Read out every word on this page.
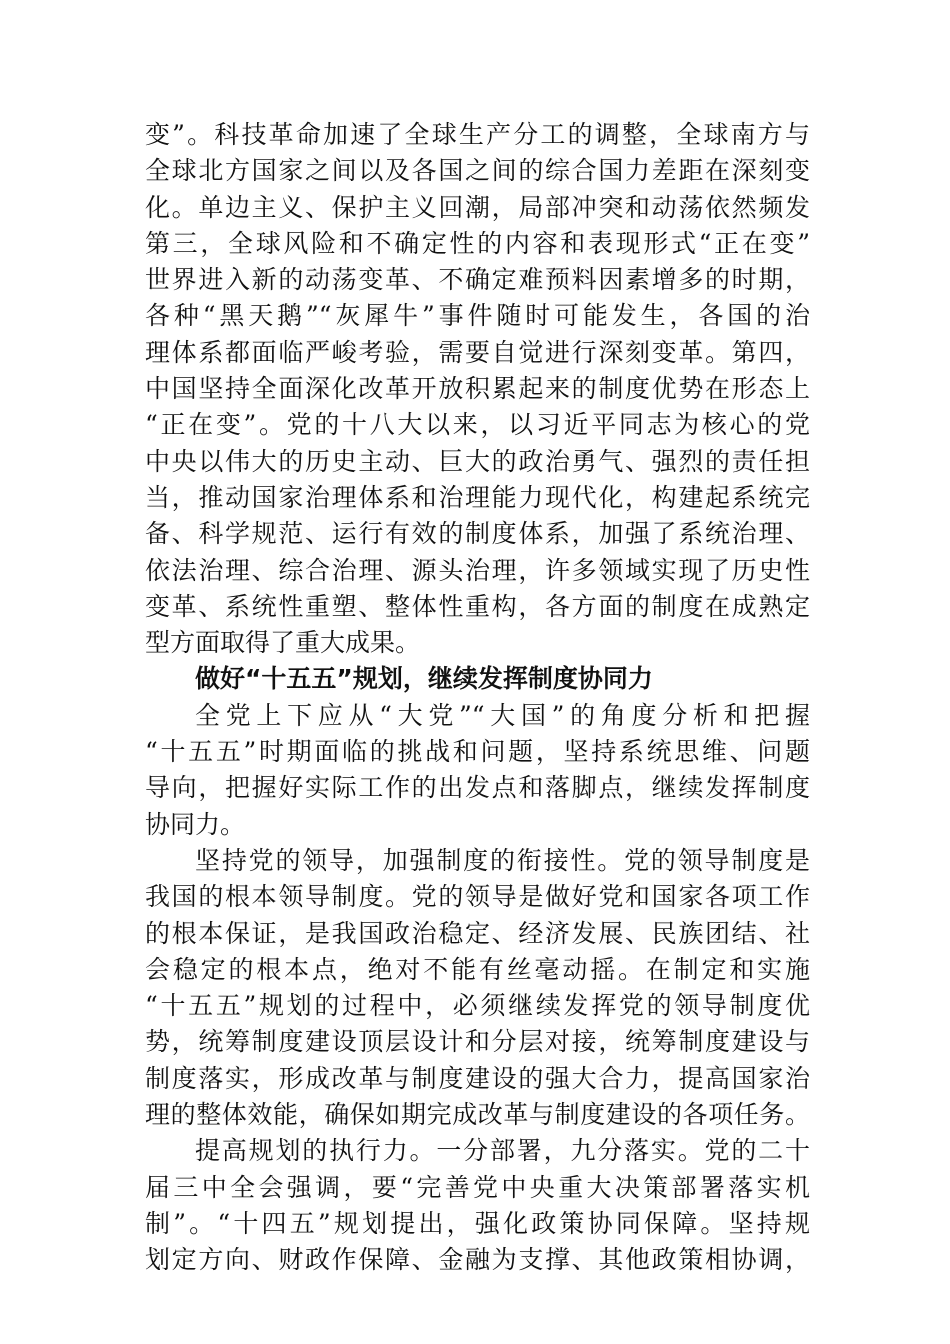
变”。科技革命加速了全球生产分工的调整，全球南方与
全球北方国家之间以及各国之间的综合国力差距在深刻变
化。单边主义、保护主义回潮，局部冲突和动荡依然频发
第三，全球风险和不确定性的内容和表现形式“正在变”
世界进入新的动荡变革、不确定难预料因素增多的时期，
各种“黑天鹅”“灰犀牛”事件随时可能发生，各国的治
理体系都面临严峻考验，需要自觉进行深刻变革。第四，
中国坚持全面深化改革开放积累起来的制度优势在形态上
“正在变”。党的十八大以来，以习近平同志为核心的党
中央以伟大的历史主动、巨大的政治勇气、强烈的责任担
当，推动国家治理体系和治理能力现代化，构建起系统完
备、科学规范、运行有效的制度体系，加强了系统治理、
依法治理、综合治理、源头治理，许多领域实现了历史性
变革、系统性重塑、整体性重构，各方面的制度在成熟定
型方面取得了重大成果。
做好“十五五”规划，继续发挥制度协同力
全党上下应从“大党”“大国”的角度分析和把握
“十五五”时期面临的挑战和问题，坚持系统思维、问题
导向，把握好实际工作的出发点和落脚点，继续发挥制度
协同力。
坚持党的领导，加强制度的衔接性。党的领导制度是
我国的根本领导制度。党的领导是做好党和国家各项工作
的根本保证，是我国政治稳定、经济发展、民族团结、社
会稳定的根本点，绝对不能有丝毫动摇。在制定和实施
“十五五”规划的过程中，必须继续发挥党的领导制度优
势，统筹制度建设顶层设计和分层对接，统筹制度建设与
制度落实，形成改革与制度建设的强大合力，提高国家治
理的整体效能，确保如期完成改革与制度建设的各项任务。
提高规划的执行力。一分部署，九分落实。党的二十
届三中全会强调，要“完善党中央重大决策部署落实机
制”。“十四五”规划提出，强化政策协同保障。坚持规
划定方向、财政作保障、金融为支撑、其他政策相协调，
